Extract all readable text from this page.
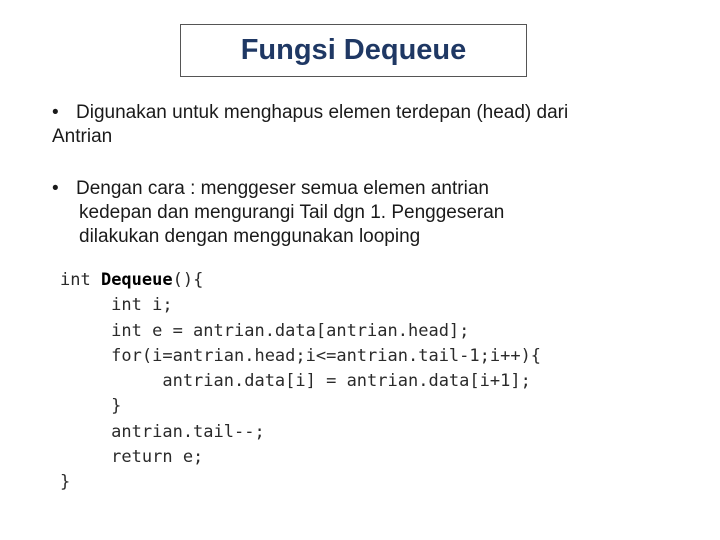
Fungsi Dequeue
• Digunakan untuk menghapus elemen terdepan (head) dari
Antrian
• Dengan cara : menggeser semua elemen antrian
kedepan dan mengurangi Tail dgn 1. Penggeseran
dilakukan dengan menggunakan looping
int Dequeue(){
int i;
int e = antrian.data[antrian.head];
for(i=antrian.head;i<=antrian.tail-1;i++){
antrian.data[i] = antrian.data[i+1];
}
antrian.tail--;
return e;
}
